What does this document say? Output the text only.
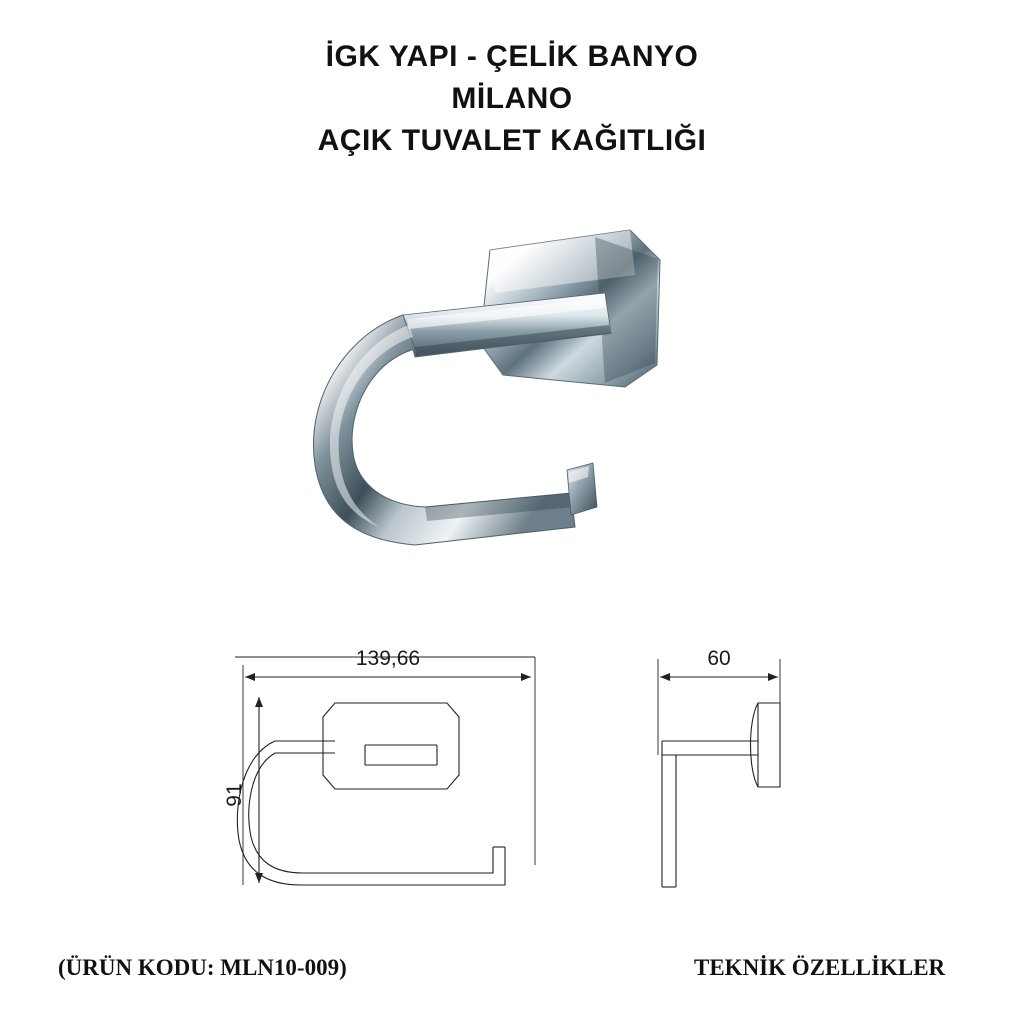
İGK YAPI - ÇELİK BANYO
MİLANO
AÇIK TUVALET KAĞITLIĞI
139,66
91
60
(ÜRÜN KODU: MLN10-009)	TEKNİK ÖZELLİKLER
